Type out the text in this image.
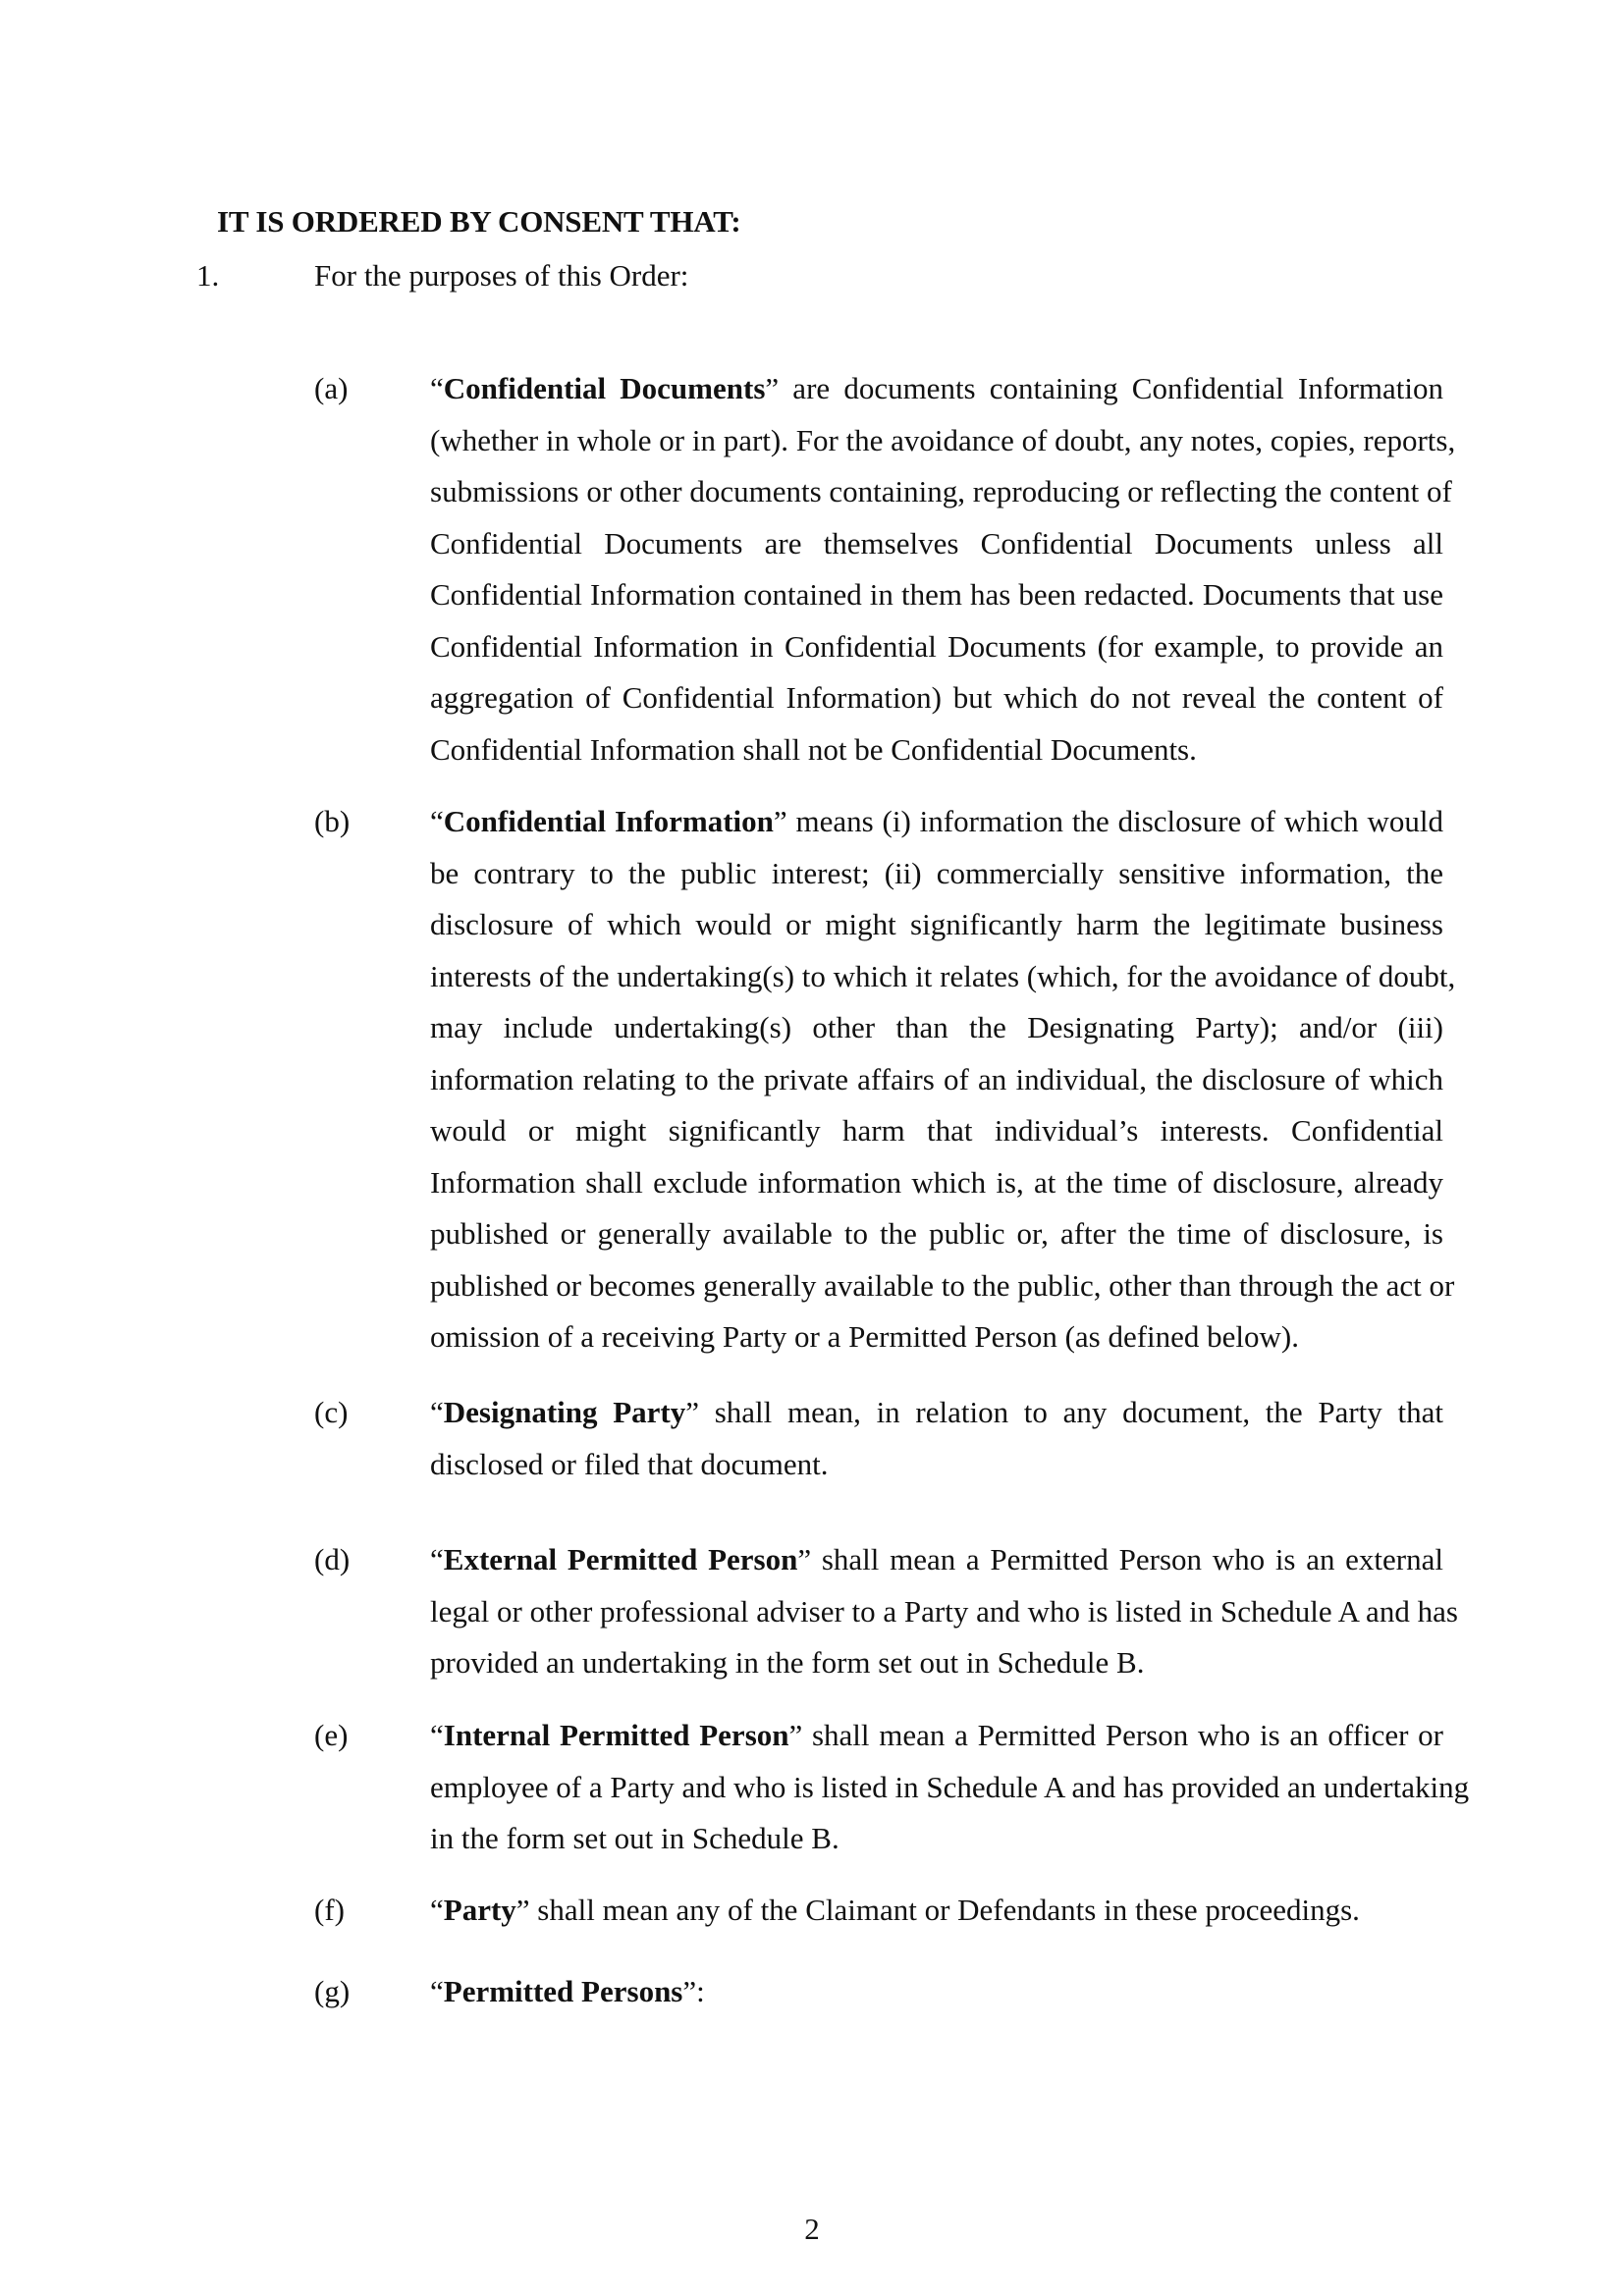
IT IS ORDERED BY CONSENT THAT:
1.	For the purposes of this Order:
(a)	“Confidential Documents” are documents containing Confidential Information
(whether in whole or in part). For the avoidance of doubt, any notes, copies, reports,
submissions or other documents containing, reproducing or reflecting the content of
Confidential Documents are themselves Confidential Documents unless all
Confidential Information contained in them has been redacted. Documents that use
Confidential Information in Confidential Documents (for example, to provide an
aggregation of Confidential Information) but which do not reveal the content of
Confidential Information shall not be Confidential Documents.
(b)	“Confidential Information” means (i) information the disclosure of which would
be contrary to the public interest; (ii) commercially sensitive information, the
disclosure of which would or might significantly harm the legitimate business
interests of the undertaking(s) to which it relates (which, for the avoidance of doubt,
may include undertaking(s) other than the Designating Party); and/or (iii)
information relating to the private affairs of an individual, the disclosure of which
would or might significantly harm that individual’s interests. Confidential
Information shall exclude information which is, at the time of disclosure, already
published or generally available to the public or, after the time of disclosure, is
published or becomes generally available to the public, other than through the act or
omission of a receiving Party or a Permitted Person (as defined below).
(c)	“Designating Party” shall mean, in relation to any document, the Party that
disclosed or filed that document.
(d)	“External Permitted Person” shall mean a Permitted Person who is an external
legal or other professional adviser to a Party and who is listed in Schedule A and has
provided an undertaking in the form set out in Schedule B.
(e)	“Internal Permitted Person” shall mean a Permitted Person who is an officer or
employee of a Party and who is listed in Schedule A and has provided an undertaking
in the form set out in Schedule B.
(f)	“Party” shall mean any of the Claimant or Defendants in these proceedings.
(g)	“Permitted Persons”:
2
